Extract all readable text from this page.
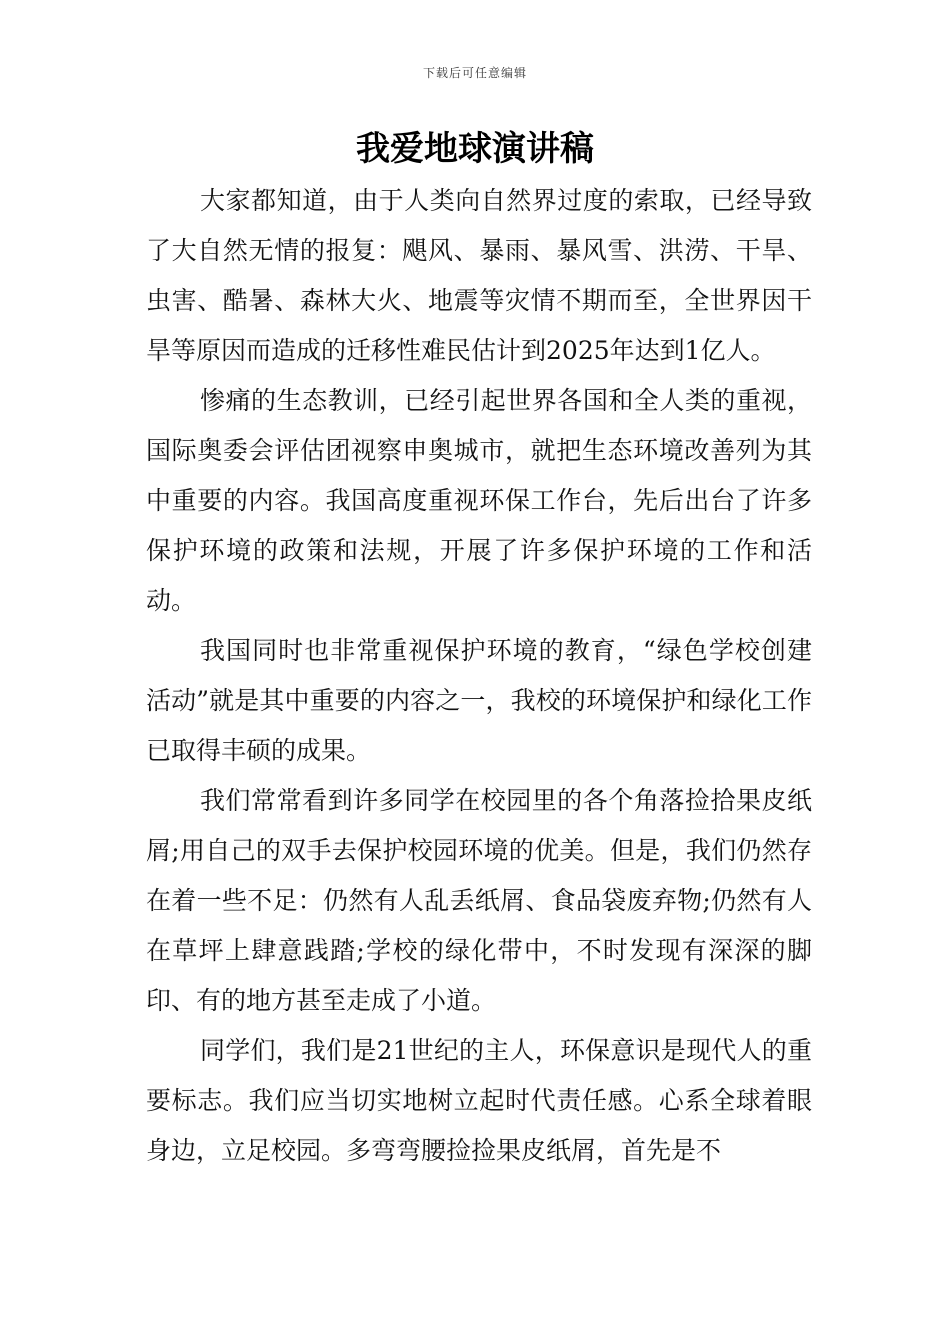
下载后可任意编辑
我爱地球演讲稿

大家都知道，由于人类向自然界过度的索取，已经导致了大自然无情的报复：飓风、暴雨、暴风雪、洪涝、干旱、虫害、酷暑、森林大火、地震等灾情不期而至，全世界因干旱等原因而造成的迁移性难民估计到2025年达到1亿人。

惨痛的生态教训，已经引起世界各国和全人类的重视，国际奥委会评估团视察申奥城市，就把生态环境改善列为其中重要的内容。我国高度重视环保工作台，先后出台了许多保护环境的政策和法规，开展了许多保护环境的工作和活动。

我国同时也非常重视保护环境的教育，“绿色学校创建活动”就是其中重要的内容之一，我校的环境保护和绿化工作已取得丰硕的成果。

我们常常看到许多同学在校园里的各个角落捡拾果皮纸屑;用自己的双手去保护校园环境的优美。但是，我们仍然存在着一些不足：仍然有人乱丢纸屑、食品袋废弃物;仍然有人在草坪上肆意践踏;学校的绿化带中，不时发现有深深的脚印、有的地方甚至走成了小道。

同学们，我们是21世纪的主人，环保意识是现代人的重要标志。我们应当切实地树立起时代责任感。心系全球着眼身边，立足校园。多弯弯腰捡捡果皮纸屑，首先是不
